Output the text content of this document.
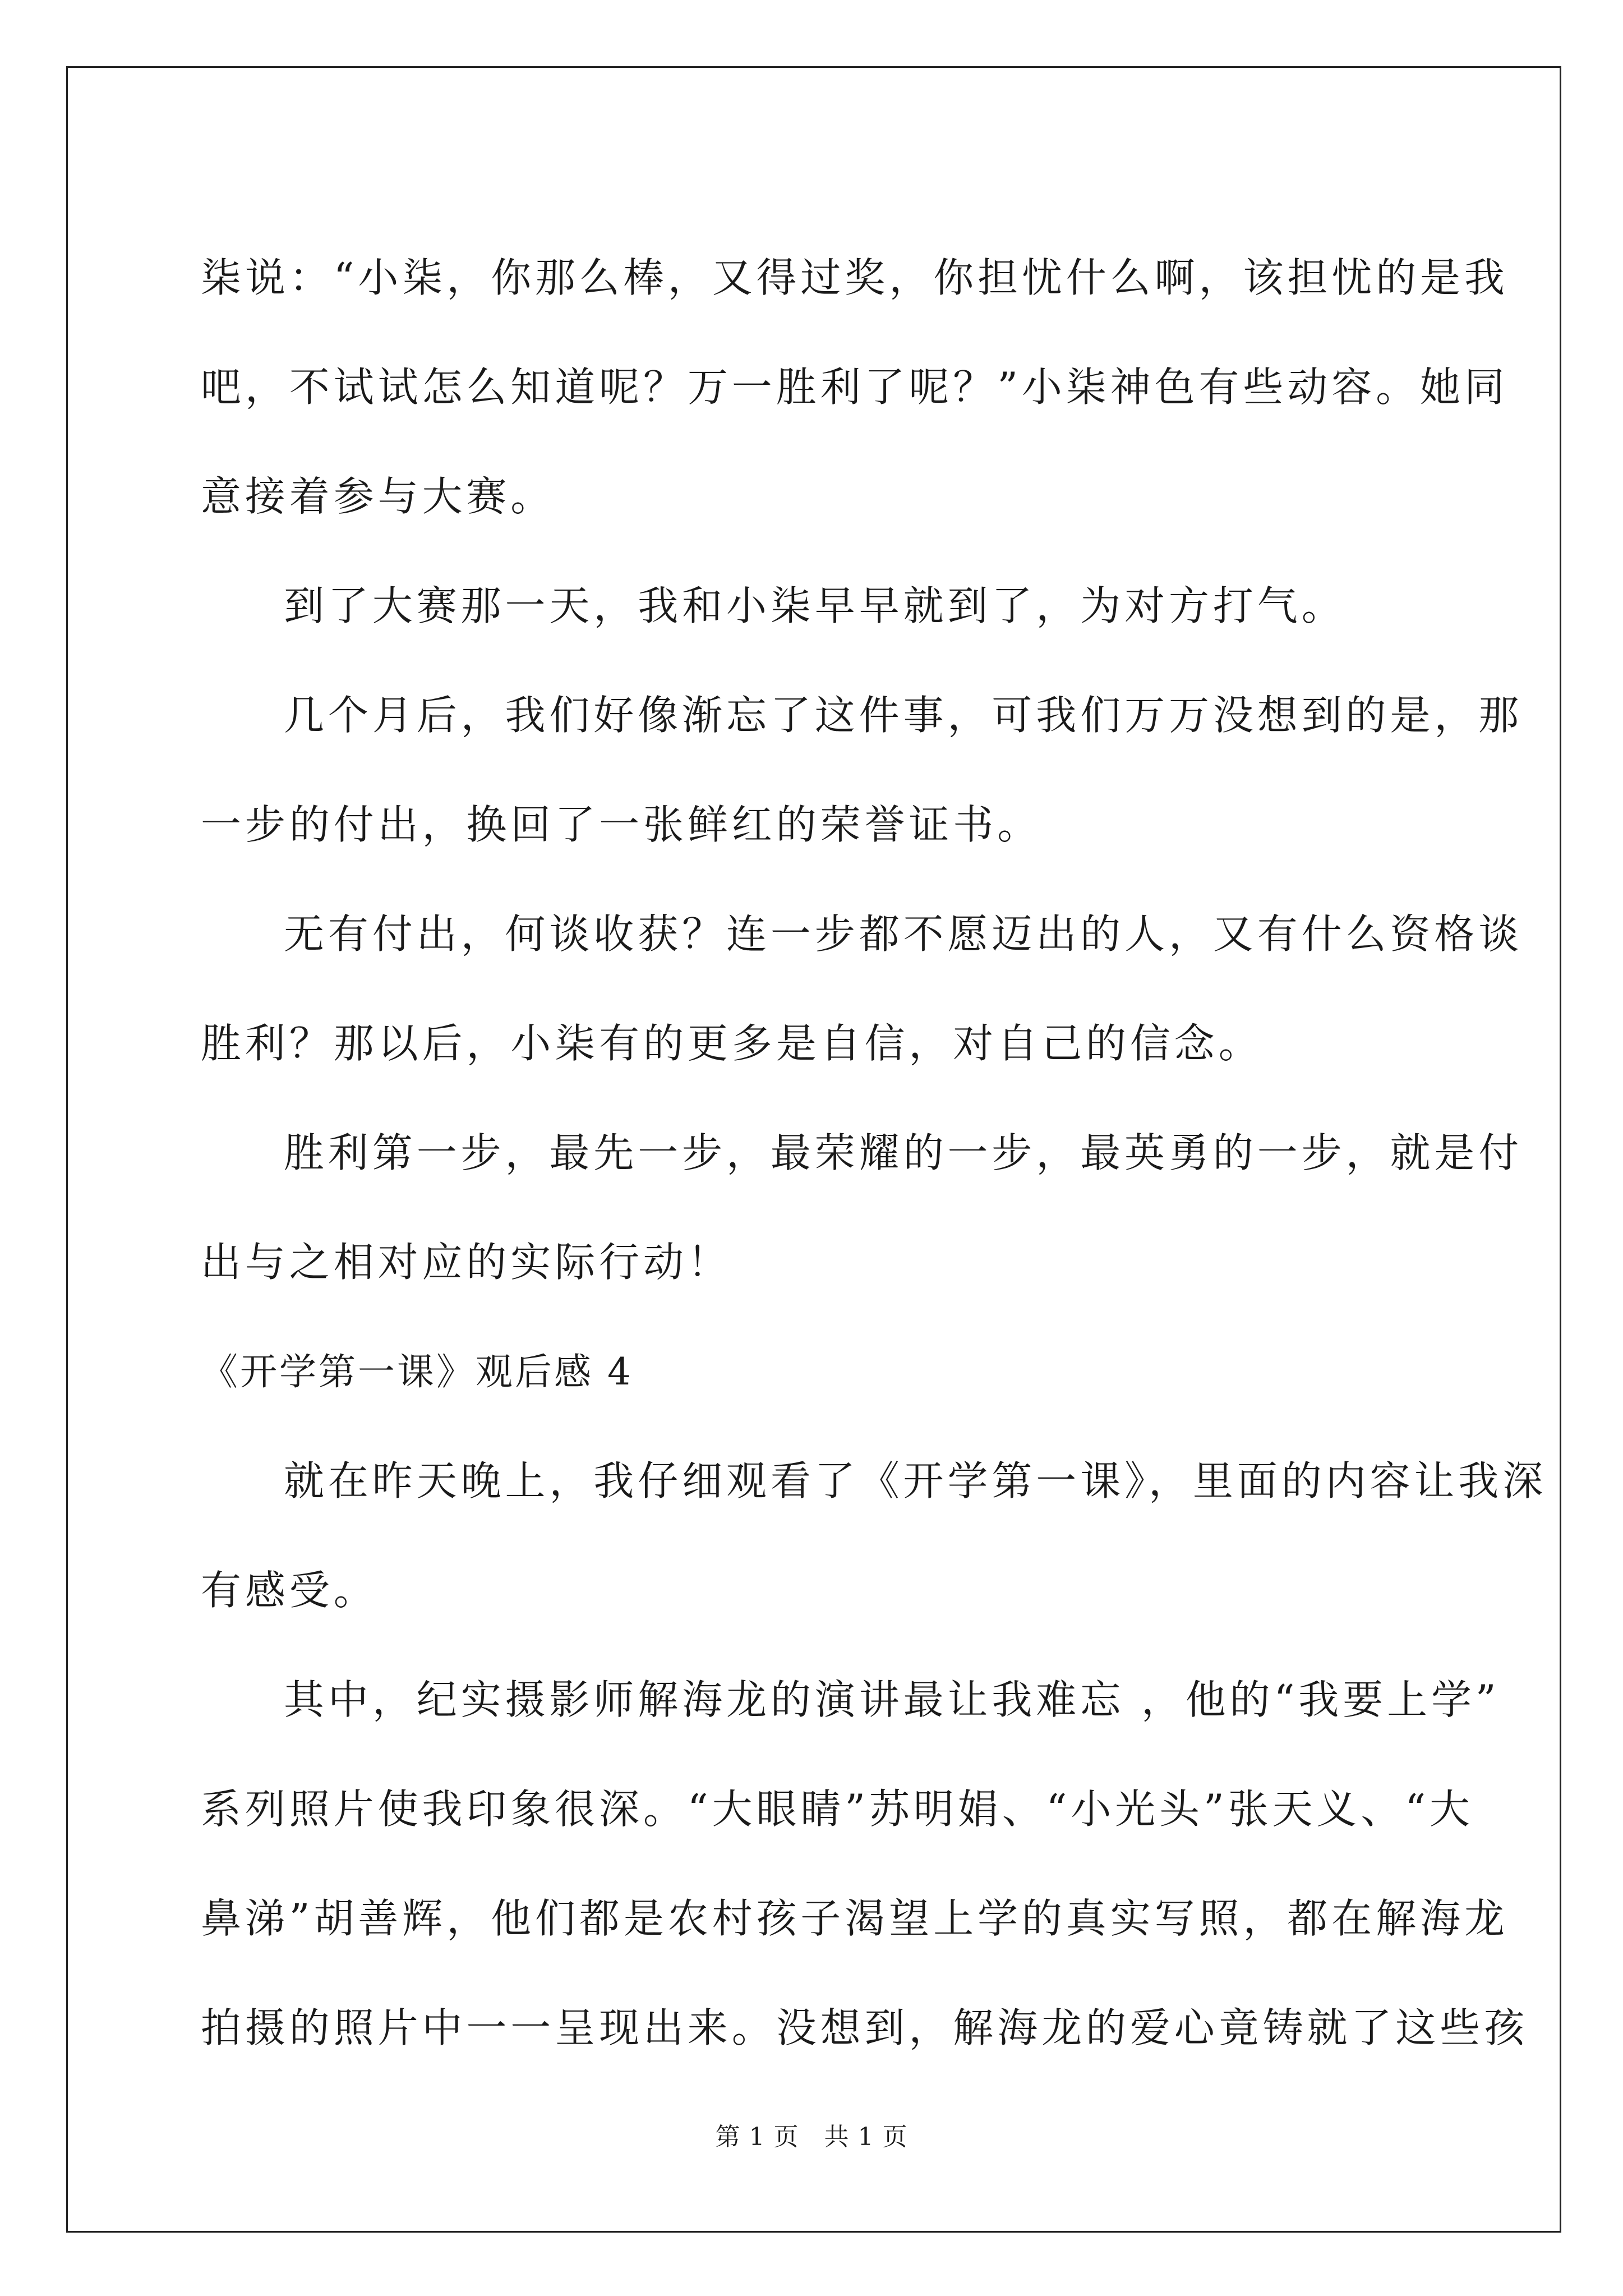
柒说：“小柒，你那么棒，又得过奖，你担忧什么啊，该担忧的是我

吧，不试试怎么知道呢？万一胜利了呢？”小柒神色有些动容。她同

意接着参与大赛。

到了大赛那一天，我和小柒早早就到了，为对方打气。

几个月后，我们好像渐忘了这件事，可我们万万没想到的是，那

一步的付出，换回了一张鲜红的荣誉证书。

无有付出，何谈收获？连一步都不愿迈出的人，又有什么资格谈

胜利？那以后，小柒有的更多是自信，对自己的信念。

胜利第一步，最先一步，最荣耀的一步，最英勇的一步，就是付

出与之相对应的实际行动！

《开学第一课》观后感 4

就在昨天晚上，我仔细观看了《开学第一课》，里面的内容让我深

有感受。

其中，纪实摄影师解海龙的演讲最让我难忘 ，他的“我要上学”

系列照片使我印象很深。“大眼睛”苏明娟、“小光头”张天义、“大

鼻涕”胡善辉，他们都是农村孩子渴望上学的真实写照，都在解海龙

拍摄的照片中一一呈现出来。没想到，解海龙的爱心竟铸就了这些孩

第 1 页　共 1 页
